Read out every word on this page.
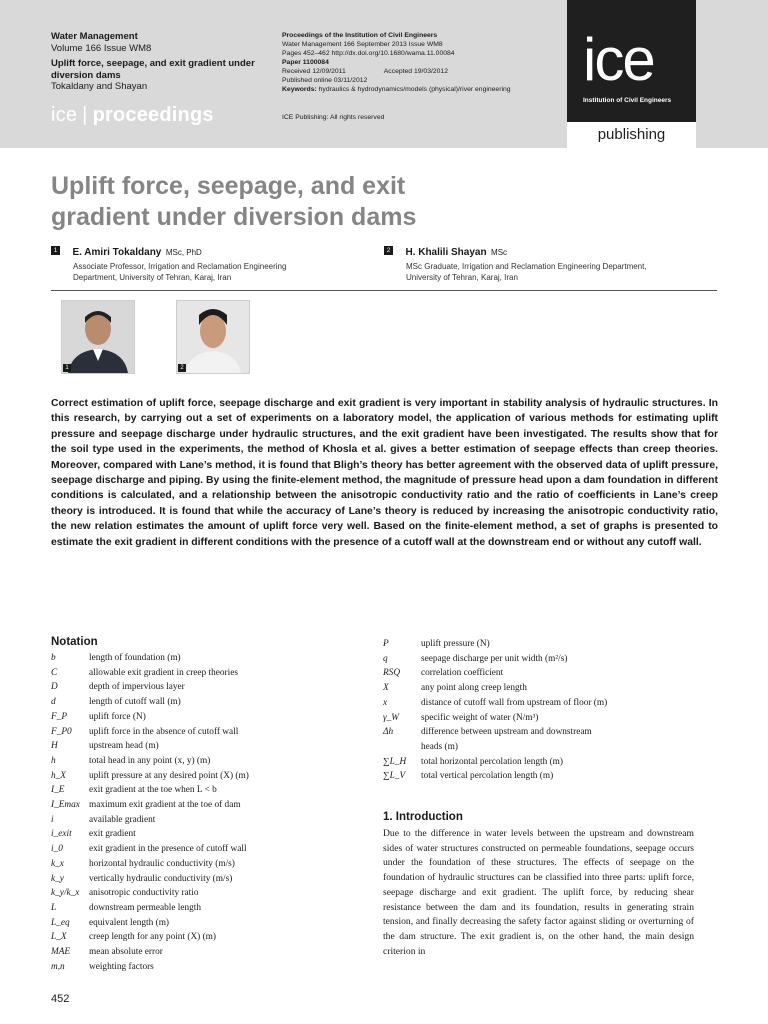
Water Management
Volume 166 Issue WM8
Uplift force, seepage, and exit gradient under diversion dams
Tokaldany and Shayan
ice | proceedings
Proceedings of the Institution of Civil Engineers
Water Management 166 September 2013 Issue WM8
Pages 452–462 http://dx.doi.org/10.1680/wama.11.00084
Paper 1100084
Received 12/09/2011	Accepted 19/03/2012
Published online 03/11/2012
Keywords: hydraulics & hydrodynamics/models (physical)/river engineering
ICE Publishing: All rights reserved
ice
Institution of Civil Engineers
publishing
Uplift force, seepage, and exit
gradient under diversion dams
1 E. Amiri Tokaldany MSc, PhD
Associate Professor, Irrigation and Reclamation Engineering
Department, University of Tehran, Karaj, Iran
2 H. Khalili Shayan MSc
MSc Graduate, Irrigation and Reclamation Engineering Department,
University of Tehran, Karaj, Iran
1	2
Correct estimation of uplift force, seepage discharge and exit gradient is very important in stability analysis of hydraulic structures. In this research, by carrying out a set of experiments on a laboratory model, the application of various methods for estimating uplift pressure and seepage discharge under hydraulic structures, and the exit gradient have been investigated. The results show that for the soil type used in the experiments, the method of Khosla et al. gives a better estimation of seepage effects than creep theories. Moreover, compared with Lane’s method, it is found that Bligh’s theory has better agreement with the observed data of uplift pressure, seepage discharge and piping. By using the finite-element method, the magnitude of pressure head upon a dam foundation in different conditions is calculated, and a relationship between the anisotropic conductivity ratio and the ratio of coefficients in Lane’s creep theory is introduced. It is found that while the accuracy of Lane’s theory is reduced by increasing the anisotropic conductivity ratio, the new relation estimates the amount of uplift force very well. Based on the finite-element method, a set of graphs is presented to estimate the exit gradient in different conditions with the presence of a cutoff wall at the downstream end or without any cutoff wall.
Notation
b	length of foundation (m)
C	allowable exit gradient in creep theories
D	depth of impervious layer
d	length of cutoff wall (m)
F_P uplift force (N)
F_P0 uplift force in the absence of cutoff wall
H	upstream head (m)
h	total head in any point (x, y) (m)
h_X uplift pressure at any desired point (X) (m)
I_E	exit gradient at the toe when L < b
I_Emax maximum exit gradient at the toe of dam
i	available gradient
i_exit exit gradient
i_0	exit gradient in the presence of cutoff wall
k_x	horizontal hydraulic conductivity (m/s)
k_y	vertically hydraulic conductivity (m/s)
k_y/k_x anisotropic conductivity ratio
L	downstream permeable length
L_eq equivalent length (m)
L_X creep length for any point (X) (m)
MAE mean absolute error
m,n	weighting factors
P	uplift pressure (N)
q	seepage discharge per unit width (m²/s)
RSQ correlation coefficient
X	any point along creep length
x	distance of cutoff wall from upstream of floor (m)
γ_W specific weight of water (N/m³)
Δh	difference between upstream and downstream
heads (m)
∑L_H total horizontal percolation length (m)
∑L_V total vertical percolation length (m)
1. Introduction
Due to the difference in water levels between the upstream and downstream sides of water structures constructed on permeable foundations, seepage occurs under the foundation of these structures. The effects of seepage on the foundation of hydraulic structures can be classified into three parts: uplift force, seepage discharge and exit gradient. The uplift force, by reducing shear resistance between the dam and its foundation, results in generating strain tension, and finally decreasing the safety factor against sliding or overturning of the dam structure. The exit gradient is, on the other hand, the main design criterion in
452
